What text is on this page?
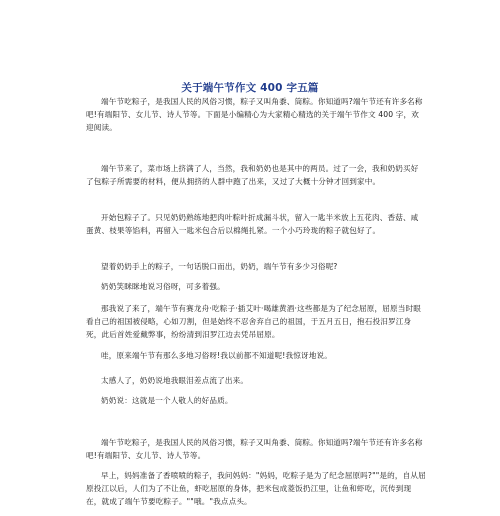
关于端午节作文 400 字五篇
端午节吃粽子，是我国人民的风俗习惯，粽子又叫角黍、筒粽。你知道吗?端午节还有许多名称吧!有端阳节、女儿节、诗人节等。下面是小编精心为大家精心精选的关于端午节作文 400 字，欢迎阅读。
端午节来了，菜市场上挤满了人，当然，我和奶奶也是其中的两员。过了一会，我和奶奶买好了包粽子所需要的材料，便从拥挤的人群中跑了出来，又过了大概十分钟才回到家中。
开始包粽子了。只见奶奶熟练地把肉叶粽叶折成漏斗状，留入一匙半米放上五花肉、香菇、咸蛋黄、枝果等馅料，再留入一匙米包合后以棉绳扎紧。一个小巧玲珑的粽子就包好了。
望着奶奶手上的粽子，一句话脱口而出，奶奶，端午节有多少习俗呢?
奶奶笑眯眯地说习俗呀，可多着强。
那我说了来了，端午节有赛龙舟·吃粽子·插艾叶·喝雄黄酒·这些都是为了纪念屈原，屈原当时眼看自己的祖国被侵略，心如刀割，但是始终不忍舍弃自己的祖国，于五月五日，抱石投汨罗江身死，此后首姓爱戴弊事，纷纷清到汨罗江边去凭吊屈原。
哇，原来端午节有那么多地习俗呀!我以前都不知道呢!我惊讶地说。
太感人了，奶奶说地我眼泪差点流了出来。
奶奶说：这就是一个人敬人的好品质。
端午节吃粽子，是我国人民的风俗习惯，粽子又叫角黍、筒粽。你知道吗?端午节还有许多名称吧!有端阳节、女儿节、诗人节等。
早上，妈妈准备了香喷喷的粽子，我问妈妈："妈妈，吃粽子是为了纪念屈原吗?""是的，自从屈原投江以后，人们为了不让鱼，虾吃屈原的身体，把米包成菱饭扔江里，让鱼和虾吃，沉传到现在，就成了端午节要吃粽子。""哦。"我点点头。
